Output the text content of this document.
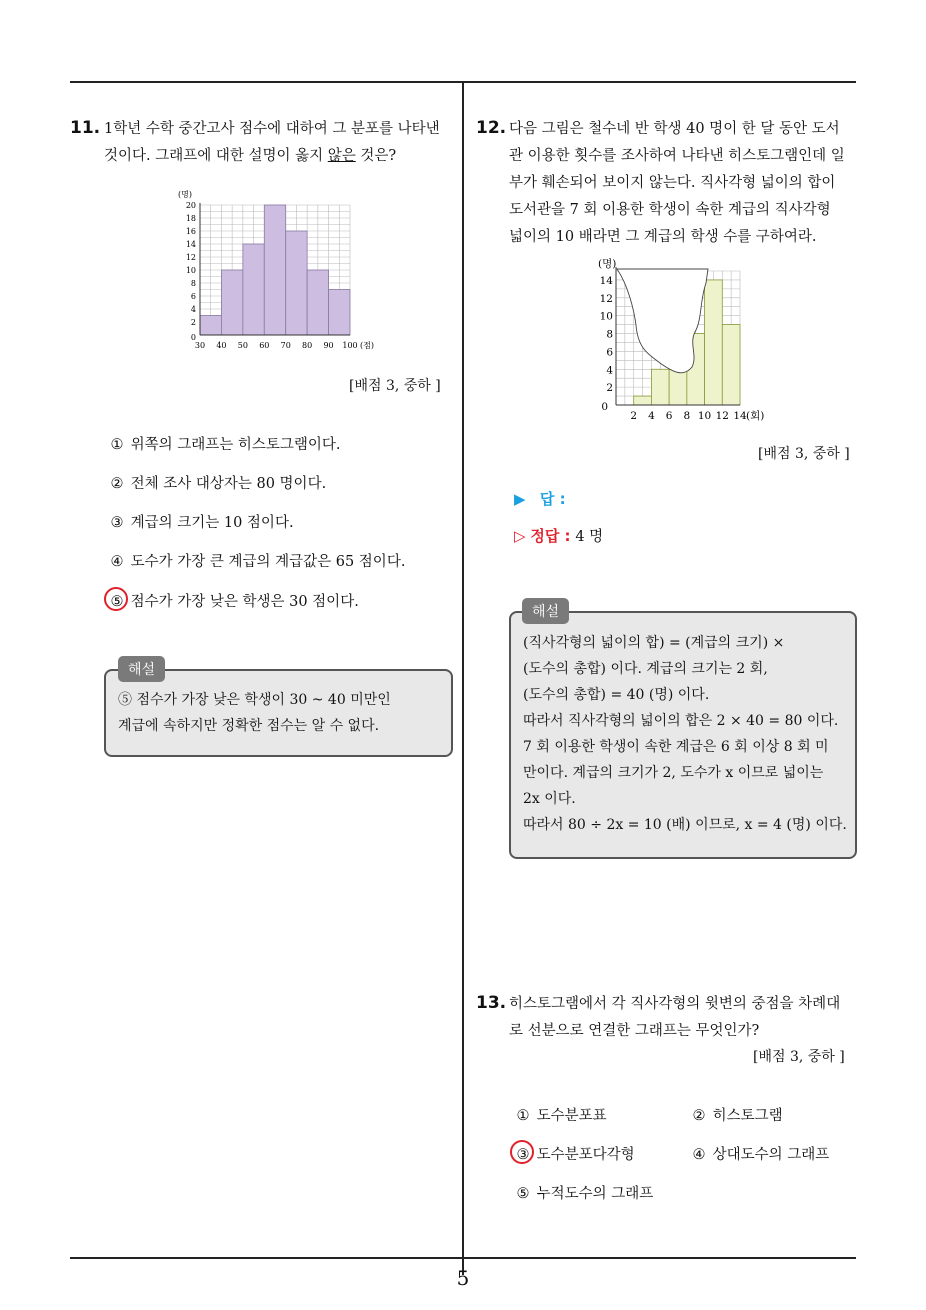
11. 1학년 수학 중간고사 점수에 대하여 그 분포를 나타낸
것이다. 그래프에 대한 설명이 옳지 않은 것은?
2
4
6
8
10
12
14
16
18
20
30 40 50 60 70 80 90 100
0
(명)
(점)
[배점 3, 중하 ]
① 위쪽의 그래프는 히스토그램이다.
② 전체 조사 대상자는 80 명이다.
③ 계급의 크기는 10 점이다.
④ 도수가 가장 큰 계급의 계급값은 65 점이다.
⑤ 점수가 가장 낮은 학생은 30 점이다.
⑤ 점수가 가장 낮은 학생이 30 ~ 40 미만인
계급에 속하지만 정확한 점수는 알 수 없다.
해설
12. 다음 그림은 철수네 반 학생 40 명이 한 달 동안 도서
관 이용한 횟수를 조사하여 나타낸 히스토그램인데 일
부가 훼손되어 보이지 않는다. 직사각형 넓이의 합이
도서관을 7 회 이용한 학생이 속한 계급의 직사각형
넓이의 10 배라면 그 계급의 학생 수를 구하여라.
2
4
6
8
10
12
14
2 4 6 8 10 12 14
0
(명)
(회)
[배점 3, 중하 ]
▶ 답 :
▷ 정답 : 4 명
(직사각형의 넓이의 합) = (계급의 크기) ×
(도수의 총합) 이다. 계급의 크기는 2 회,
(도수의 총합) = 40 (명) 이다.
따라서 직사각형의 넓이의 합은 2 × 40 = 80 이다.
7 회 이용한 학생이 속한 계급은 6 회 이상 8 회 미
만이다. 계급의 크기가 2, 도수가 x 이므로 넓이는
2x 이다.
따라서 80 ÷ 2x = 10 (배) 이므로, x = 4 (명) 이다.
해설
13. 히스토그램에서 각 직사각형의 윗변의 중점을 차례대
로 선분으로 연결한 그래프는 무엇인가?
[배점 3, 중하 ]
① 도수분포표	② 히스토그램
③ 도수분포다각형	④ 상대도수의 그래프
⑤ 누적도수의 그래프
5
